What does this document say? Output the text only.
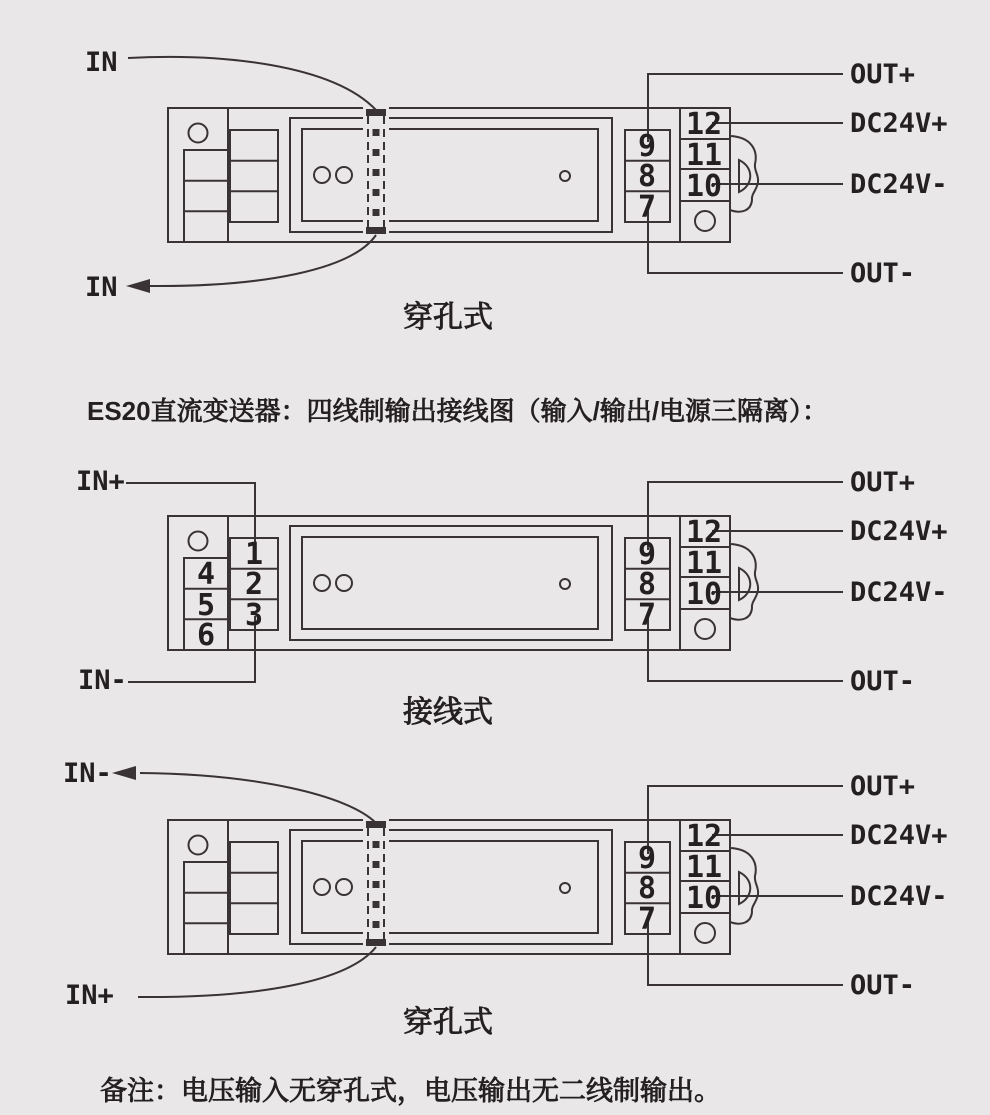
IN
IN
OUT+
DC24V+
DC24V-
OUT-
9
8
7
12
11
10
穿孔式
ES20直流变送器：四线制输出接线图（输入/输出/电源三隔离）：
IN+
IN-
OUT+
DC24V+
DC24V-
OUT-
4
5
6
1
2
3
9
8
7
12
11
10
接线式
IN-
IN+
OUT+
DC24V+
DC24V-
OUT-
9
8
7
12
11
10
穿孔式
备注：电压输入无穿孔式，电压输出无二线制输出。
